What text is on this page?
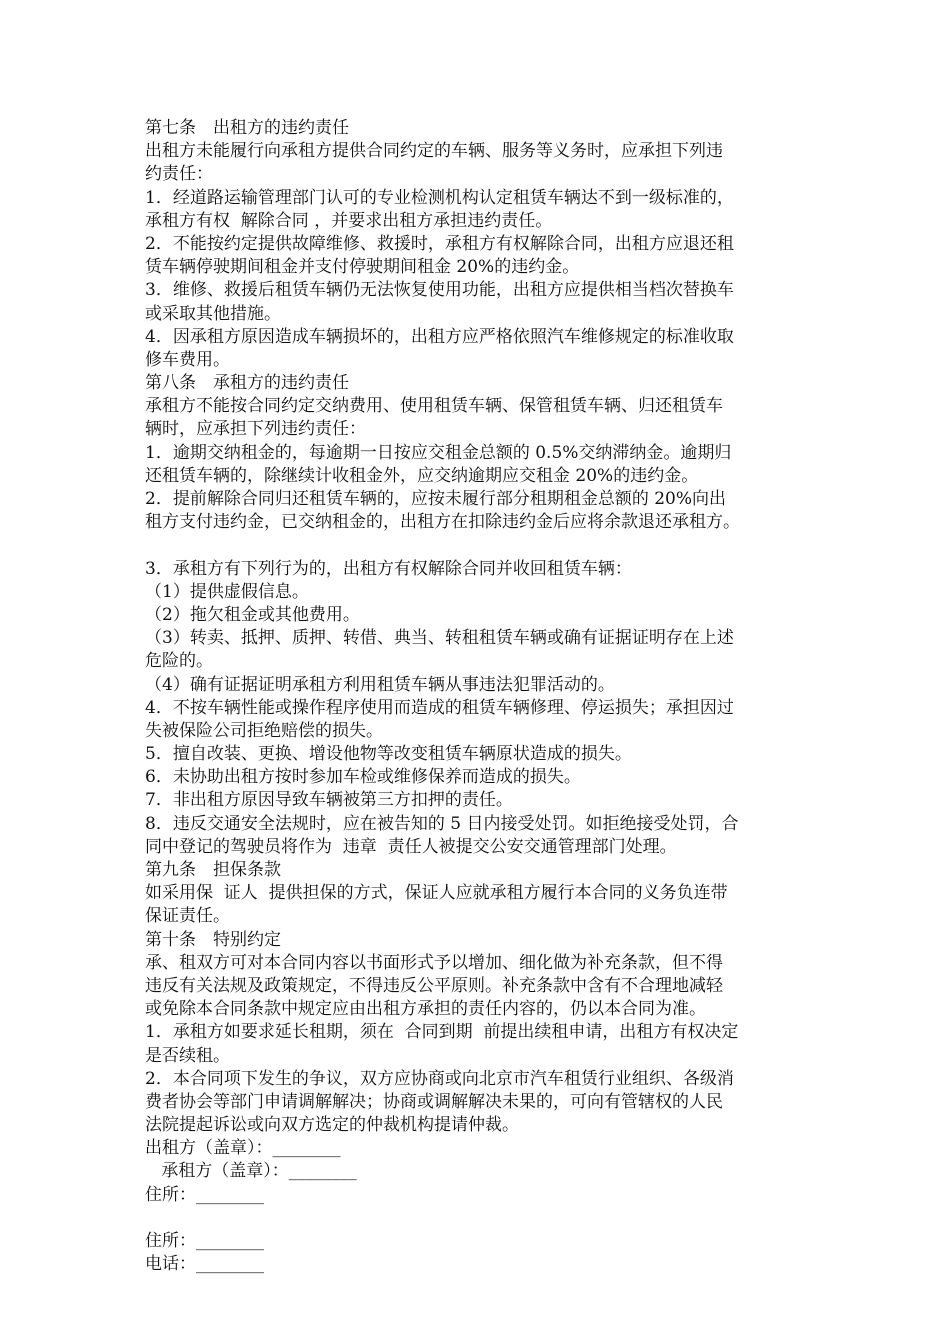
第七条　出租方的违约责任
出租方未能履行向承租方提供合同约定的车辆、服务等义务时，应承担下列违
约责任：
1．经道路运输管理部门认可的专业检测机构认定租赁车辆达不到一级标准的，
承租方有权  解除合同 ，并要求出租方承担违约责任。
2．不能按约定提供故障维修、救援时，承租方有权解除合同，出租方应退还租
赁车辆停驶期间租金并支付停驶期间租金 20%的违约金。
3．维修、救援后租赁车辆仍无法恢复使用功能，出租方应提供相当档次替换车
或采取其他措施。
4．因承租方原因造成车辆损坏的，出租方应严格依照汽车维修规定的标准收取
修车费用。
第八条　承租方的违约责任
承租方不能按合同约定交纳费用、使用租赁车辆、保管租赁车辆、归还租赁车
辆时，应承担下列违约责任：
1．逾期交纳租金的，每逾期一日按应交租金总额的 0.5%交纳滞纳金。逾期归
还租赁车辆的，除继续计收租金外，应交纳逾期应交租金 20%的违约金。
2．提前解除合同归还租赁车辆的，应按未履行部分租期租金总额的 20%向出
租方支付违约金，已交纳租金的，出租方在扣除违约金后应将余款退还承租方。
3．承租方有下列行为的，出租方有权解除合同并收回租赁车辆：
（1）提供虚假信息。
（2）拖欠租金或其他费用。
（3）转卖、抵押、质押、转借、典当、转租租赁车辆或确有证据证明存在上述
危险的。
（4）确有证据证明承租方利用租赁车辆从事违法犯罪活动的。
4．不按车辆性能或操作程序使用而造成的租赁车辆修理、停运损失；承担因过
失被保险公司拒绝赔偿的损失。
5．擅自改装、更换、增设他物等改变租赁车辆原状造成的损失。
6．未协助出租方按时参加车检或维修保养而造成的损失。
7．非出租方原因导致车辆被第三方扣押的责任。
8．违反交通安全法规时，应在被告知的 5 日内接受处罚。如拒绝接受处罚，合
同中登记的驾驶员将作为  违章  责任人被提交公安交通管理部门处理。
第九条　担保条款
如采用保  证人  提供担保的方式，保证人应就承租方履行本合同的义务负连带
保证责任。
第十条　特别约定
承、租双方可对本合同内容以书面形式予以增加、细化做为补充条款，但不得
违反有关法规及政策规定，不得违反公平原则。补充条款中含有不合理地减轻
或免除本合同条款中规定应由出租方承担的责任内容的，仍以本合同为准。
1．承租方如要求延长租期，须在  合同到期  前提出续租申请，出租方有权决定
是否续租。
2．本合同项下发生的争议，双方应协商或向北京市汽车租赁行业组织、各级消
费者协会等部门申请调解解决；协商或调解解决未果的，可向有管辖权的人民
法院提起诉讼或向双方选定的仲裁机构提请仲裁。
出租方（盖章）：________
承租方（盖章）：________
住所：________
住所：________
电话：________
